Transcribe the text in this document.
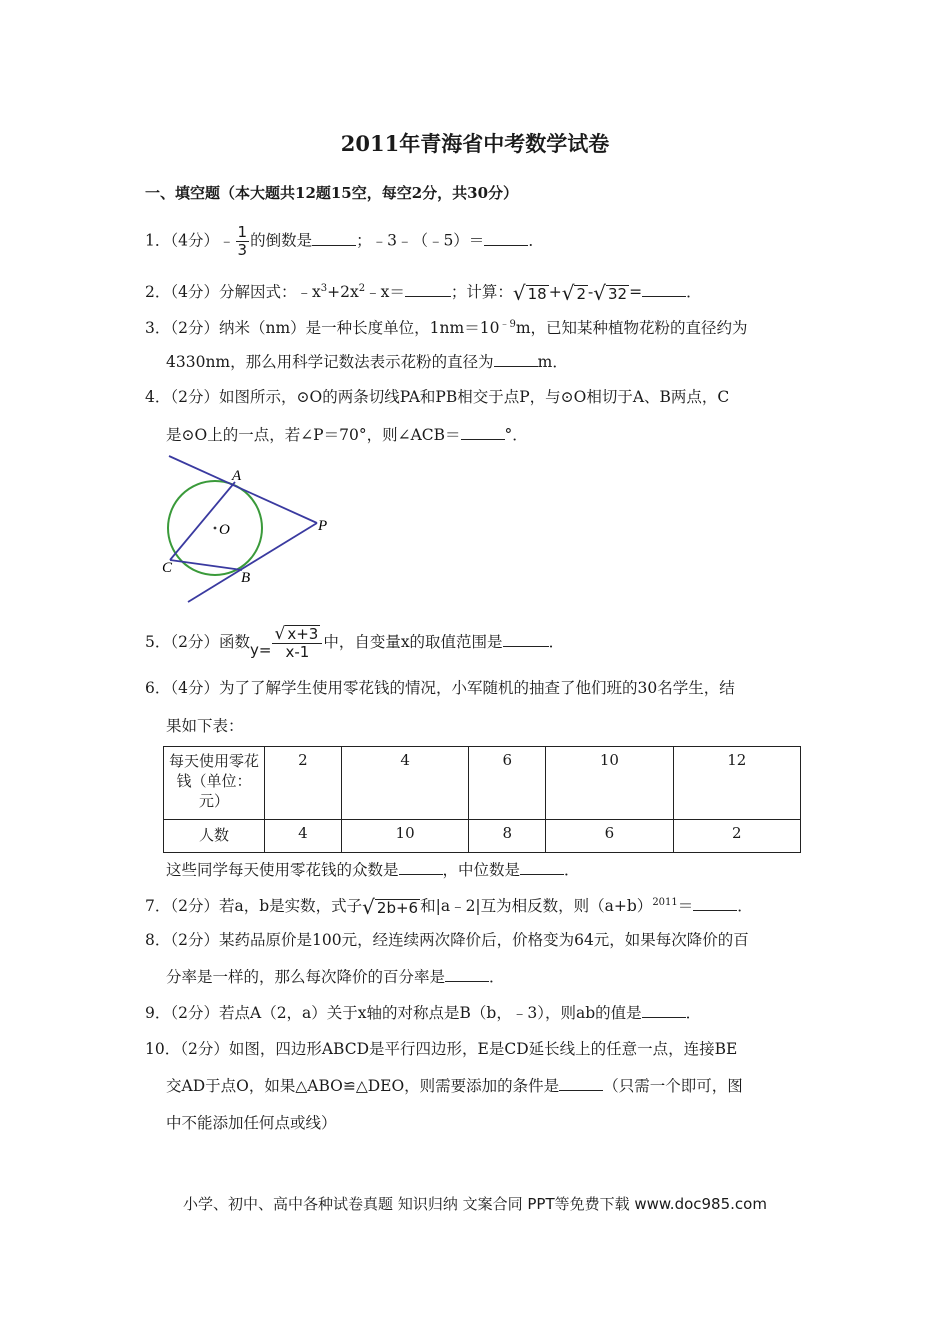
2011年青海省中考数学试卷
一、填空题（本大题共12题15空，每空2分，共30分）
1．（4分）﹣ $\frac{1}{3}$ 的倒数是	；﹣3﹣（﹣5）＝	．
2．（4分）分解因式：$﹣x^3+2x^2﹣x=$	；计算： √ 18 + √ 2 - √ 32 =	．
3．（2分）纳米（nm）是一种长度单位，$1nm=10^{﹣9}m$，已知某种植物花粉的直径约为
4330nm，那么用科学记数法表示花粉的直径为	m．
4．（2分）如图所示，⊙O的两条切线PA和PB相交于点P，与⊙O相切于A、B两点，C
是⊙O上的一点，若∠P＝70°，则∠ACB＝	°．
A
B
C
P
O
5．（2分）函数$y= \frac{√ x+3}{x-1}$ 中，自变量x的取值范围是	．
6．（4分）为了了解学生使用零花钱的情况，小军随机的抽查了他们班的30名学生，结
果如下表：
每天使用零花钱（单位：元）	2	4	6	10	12
人数	4	10	8	6	2
这些同学每天使用零花钱的众数是	，中位数是	．
7．（2分）若a，b是实数，式子 √ 2b+6 和|a﹣2|互为相反数，则$(a+b)^{2011}=$	．
8．（2分）某药品原价是100元，经连续两次降价后，价格变为64元，如果每次降价的百
分率是一样的，那么每次降价的百分率是	．
9．（2分）若点A（2，a）关于x轴的对称点是B（b，﹣3），则ab的值是	．
10．（2分）如图，四边形ABCD是平行四边形，E是CD延长线上的任意一点，连接BE
交AD于点O，如果△ABO≌△DEO，则需要添加的条件是	（只需一个即可，图
中不能添加任何点或线）
小学、初中、高中各种试卷真题 知识归纳 文案合同 PPT等免费下载 www.doc985.com
